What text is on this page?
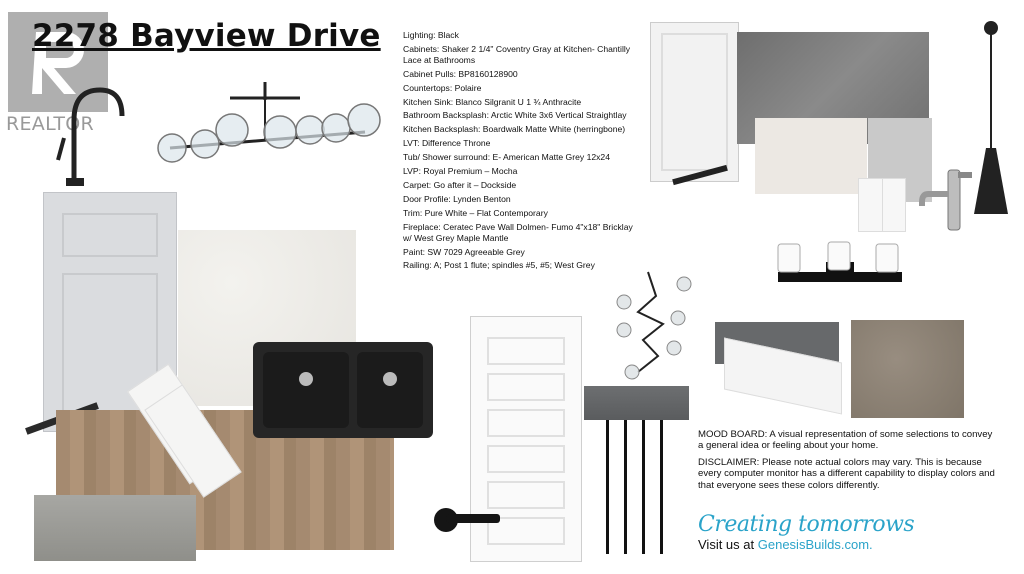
REALTOR
2278 Bayview Drive	Lighting: Black
Cabinets: Shaker 2 1/4" Coventry Gray at Kitchen- Chantilly Lace at Bathrooms
Cabinet Pulls: BP8160128900
Countertops: Polaire
Kitchen Sink: Blanco Silgranit U 1 ¾ Anthracite
Bathroom Backsplash: Arctic White 3x6 Vertical Straightlay
Kitchen Backsplash: Boardwalk Matte White (herringbone)
LVT: Difference Throne
Tub/ Shower surround: E- American Matte Grey 12x24
LVP: Royal Premium – Mocha
Carpet: Go after it – Dockside
Door Profile: Lynden Benton
Trim: Pure White – Flat Contemporary
Fireplace: Ceratec Pave Wall Dolmen- Fumo 4"x18" Bricklay w/ West Grey Maple Mantle
Paint: SW 7029 Agreeable Grey
Railing: A; Post 1 flute; spindles #5, #5; West Grey

MOOD BOARD: A visual representation of some selections to convey a general idea or feeling about your home.

DISCLAIMER: Please note actual colors may vary. This is because every computer monitor has a different capability to display colors and that everyone sees these colors differently.

Creating tomorrows
Visit us at GenesisBuilds.com.
